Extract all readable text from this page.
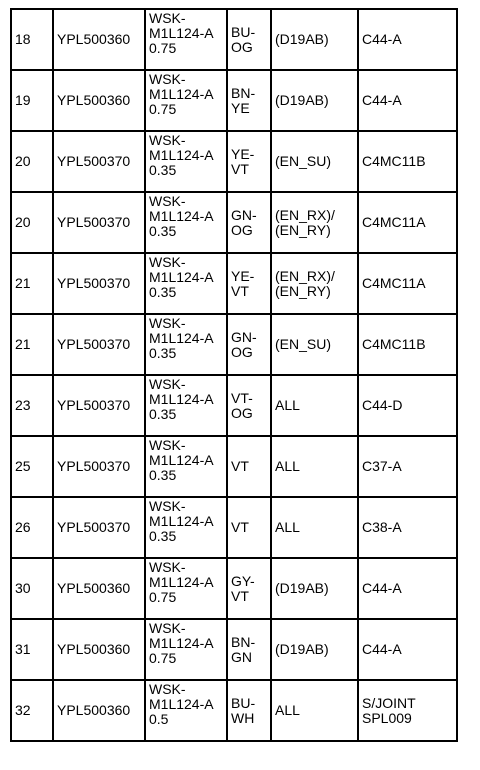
18	YPL500360	WSK-
M1L124-A
0.75	BU-
OG	(D19AB)	C44-A

19	YPL500360	WSK-
M1L124-A
0.75	BN-
YE	(D19AB)	C44-A

20	YPL500370	WSK-
M1L124-A
0.35	YE-
VT	(EN_SU)	C4MC11B

20	YPL500370	WSK-
M1L124-A
0.35	GN-
OG	(EN_RX)/
(EN_RY)	C4MC11A

21	YPL500370	WSK-
M1L124-A
0.35	YE-
VT	(EN_RX)/
(EN_RY)	C4MC11A

21	YPL500370	WSK-
M1L124-A
0.35	GN-
OG	(EN_SU)	C4MC11B

23	YPL500370	WSK-
M1L124-A
0.35	VT-
OG	ALL	C44-D

25	YPL500370	WSK-
M1L124-A
0.35	VT	ALL	C37-A

26	YPL500370	WSK-
M1L124-A
0.35	VT	ALL	C38-A

30	YPL500360	WSK-
M1L124-A
0.75	GY-
VT	(D19AB)	C44-A

31	YPL500360	WSK-
M1L124-A
0.75	BN-
GN	(D19AB)	C44-A

32	YPL500360	WSK-
M1L124-A
0.5	BU-
WH	ALL	S/JOINT
SPL009
